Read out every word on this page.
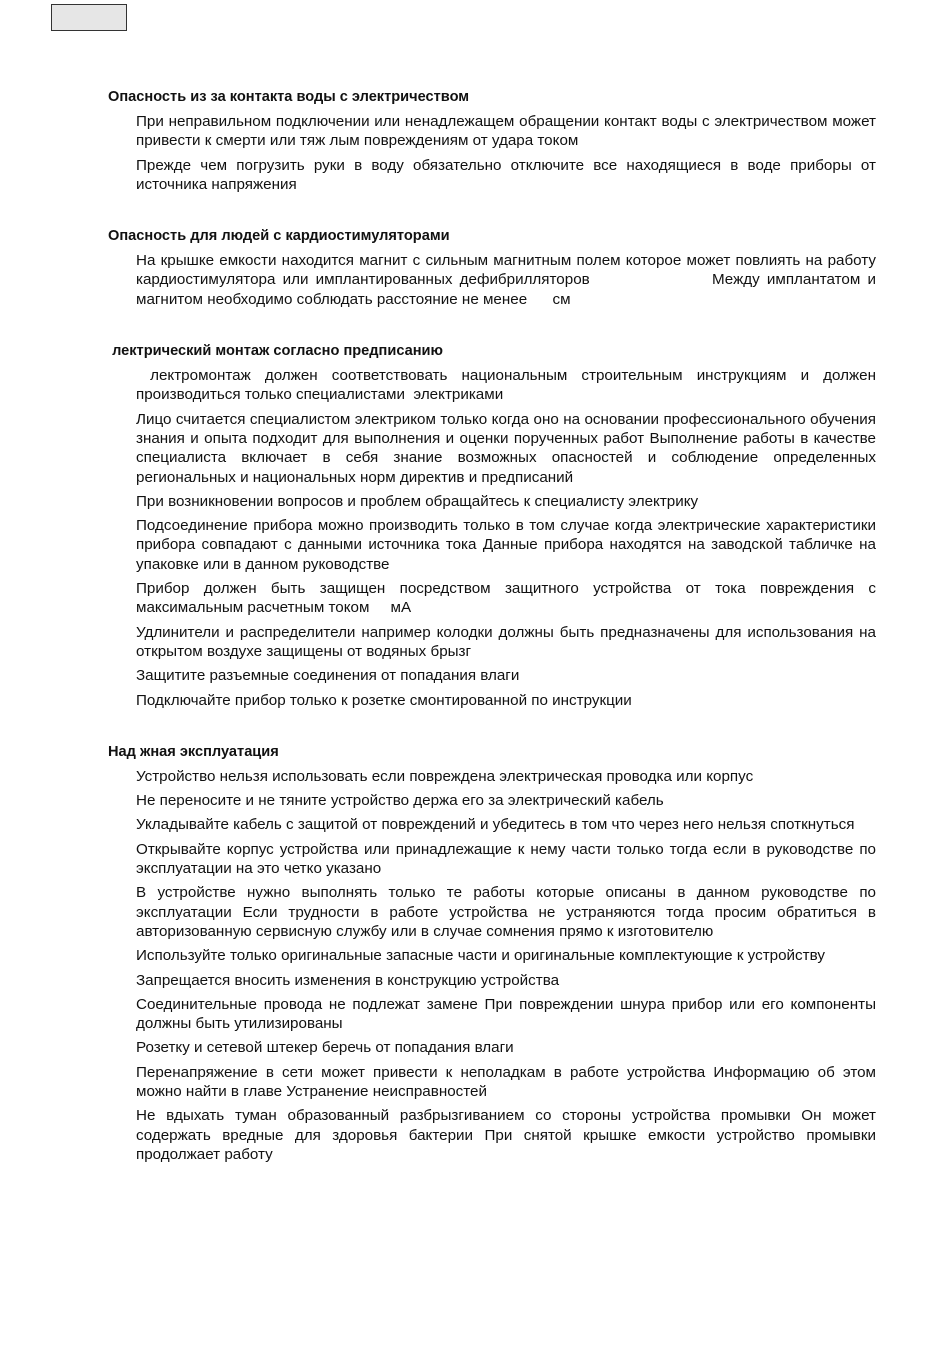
Опасность из за контакта воды с электричеством

При неправильном подключении или ненадлежащем обращении контакт воды с электричеством может привести к смерти или тяж лым повреждениям от удара током

Прежде чем погрузить руки в воду обязательно отключите все находящиеся в воде приборы от источника напряжения

Опасность для людей с кардиостимуляторами

На крышке емкости находится магнит с сильным магнитным полем которое может повлиять на работу кардиостимулятора или имплантированных дефибрилляторов                 Между имплантатом и магнитом необходимо соблюдать расстояние не менее      см

лектрический монтаж согласно предписанию

лектромонтаж должен соответствовать национальным строительным инструкциям и должен производиться только специалистами  электриками

Лицо считается специалистом электриком только когда оно на основании профессионального обучения знания и опыта подходит для выполнения и оценки порученных работ Выполнение работы в качестве специалиста включает в себя знание возможных опасностей и соблюдение определенных региональных и национальных норм директив и предписаний

При возникновении вопросов и проблем обращайтесь к специалисту электрику

Подсоединение прибора можно производить только в том случае когда электрические характеристики прибора совпадают с данными источника тока Данные прибора находятся на заводской табличке на упаковке или в данном руководстве

Прибор должен быть защищен посредством защитного устройства от тока повреждения с максимальным расчетным током     мА

Удлинители и распределители например колодки должны быть предназначены для использования на открытом воздухе защищены от водяных брызг

Защитите разъемные соединения от попадания влаги

Подключайте прибор только к розетке смонтированной по инструкции

Над жная эксплуатация

Устройство нельзя использовать если повреждена электрическая проводка или корпус

Не переносите и не тяните устройство держа его за электрический кабель

Укладывайте кабель с защитой от повреждений и убедитесь в том что через него нельзя споткнуться

Открывайте корпус устройства или принадлежащие к нему части только тогда если в руководстве по эксплуатации на это четко указано

В устройстве нужно выполнять только те работы которые описаны в данном руководстве по эксплуатации Если трудности в работе устройства не устраняются тогда просим обратиться в авторизованную сервисную службу или в случае сомнения прямо к изготовителю

Используйте только оригинальные запасные части и оригинальные комплектующие к устройству

Запрещается вносить изменения в конструкцию устройства

Соединительные провода не подлежат замене При повреждении шнура прибор или его компоненты должны быть утилизированы

Розетку и сетевой штекер беречь от попадания влаги

Перенапряжение в сети может привести к неполадкам в работе устройства Информацию об этом можно найти в главе Устранение неисправностей

Не вдыхать туман образованный разбрызгиванием со стороны устройства промывки Он может содержать вредные для здоровья бактерии При снятой крышке емкости устройство промывки продолжает работу
